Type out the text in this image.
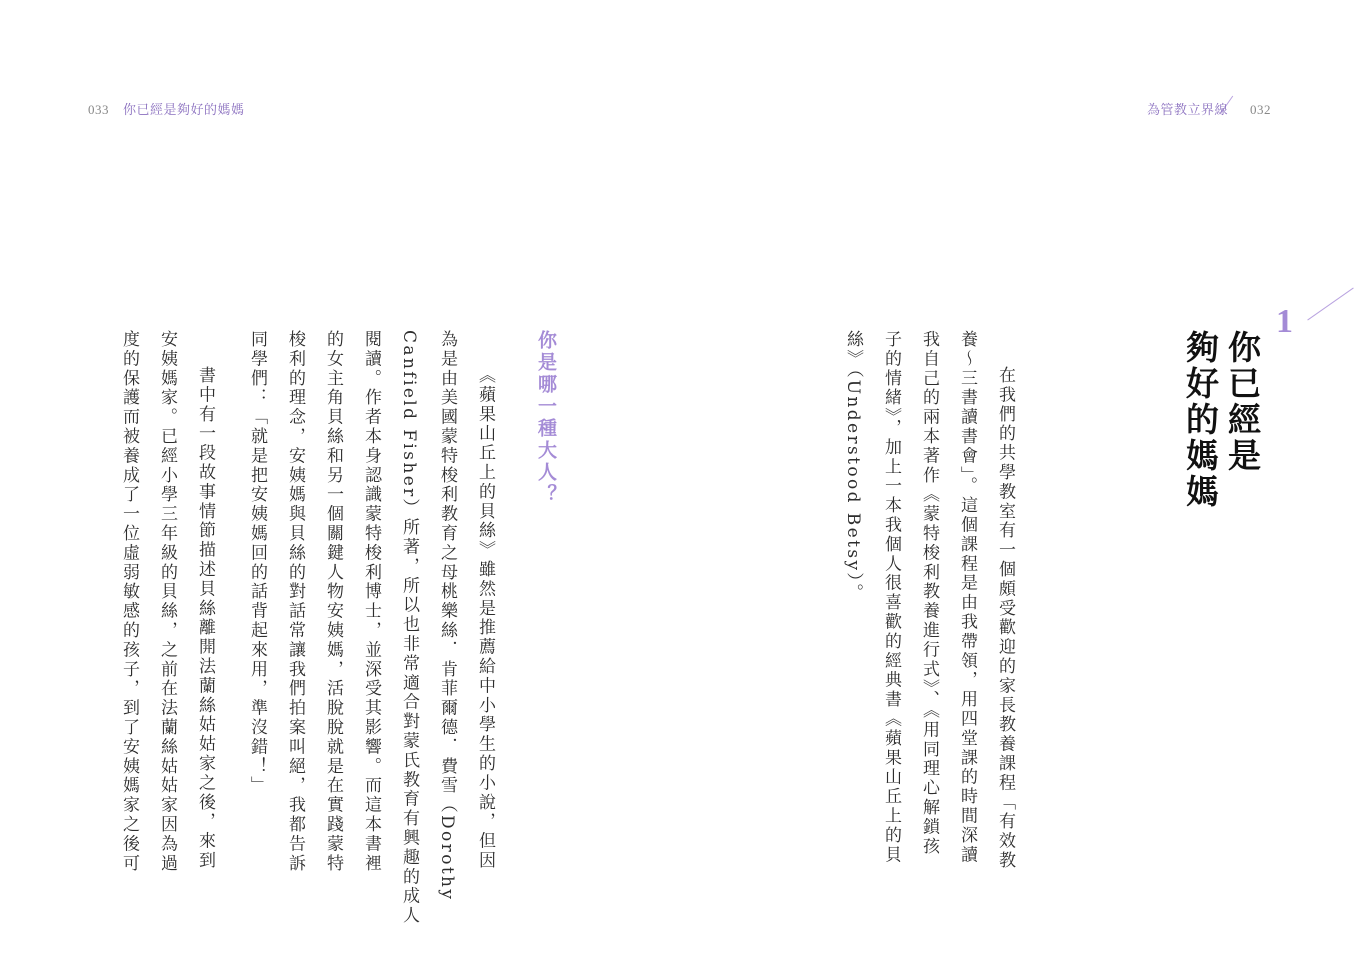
033 你已經是夠好的媽媽	為管教立界線 032
1
你已經是
夠好的媽媽
在我們的共學教室有一個頗受歡迎的家長教養課程「有效教
養～三書讀書會」。這個課程是由我帶領，用四堂課的時間深讀
我自己的兩本著作《蒙特梭利教養進行式》、《用同理心解鎖孩
子的情緒》，加上一本我個人很喜歡的經典書《蘋果山丘上的貝
絲》（Understood Betsy）。
你是哪一種大人？
《蘋果山丘上的貝絲》雖然是推薦給中小學生的小說，但因
為是由美國蒙特梭利教育之母桃樂絲．肯菲爾德．費雪（Dorothy
Canfield Fisher）所著，所以也非常適合對蒙氏教育有興趣的成人
閱讀。作者本身認識蒙特梭利博士，並深受其影響。而這本書裡
的女主角貝絲和另一個關鍵人物安姨媽，活脫脫就是在實踐蒙特
梭利的理念，安姨媽與貝絲的對話常讓我們拍案叫絕，我都告訴
同學們：「就是把安姨媽回的話背起來用，準沒錯！」
書中有一段故事情節描述貝絲離開法蘭絲姑姑家之後，來到
安姨媽家。已經小學三年級的貝絲，之前在法蘭絲姑姑家因為過
度的保護而被養成了一位虛弱敏感的孩子，到了安姨媽家之後可
